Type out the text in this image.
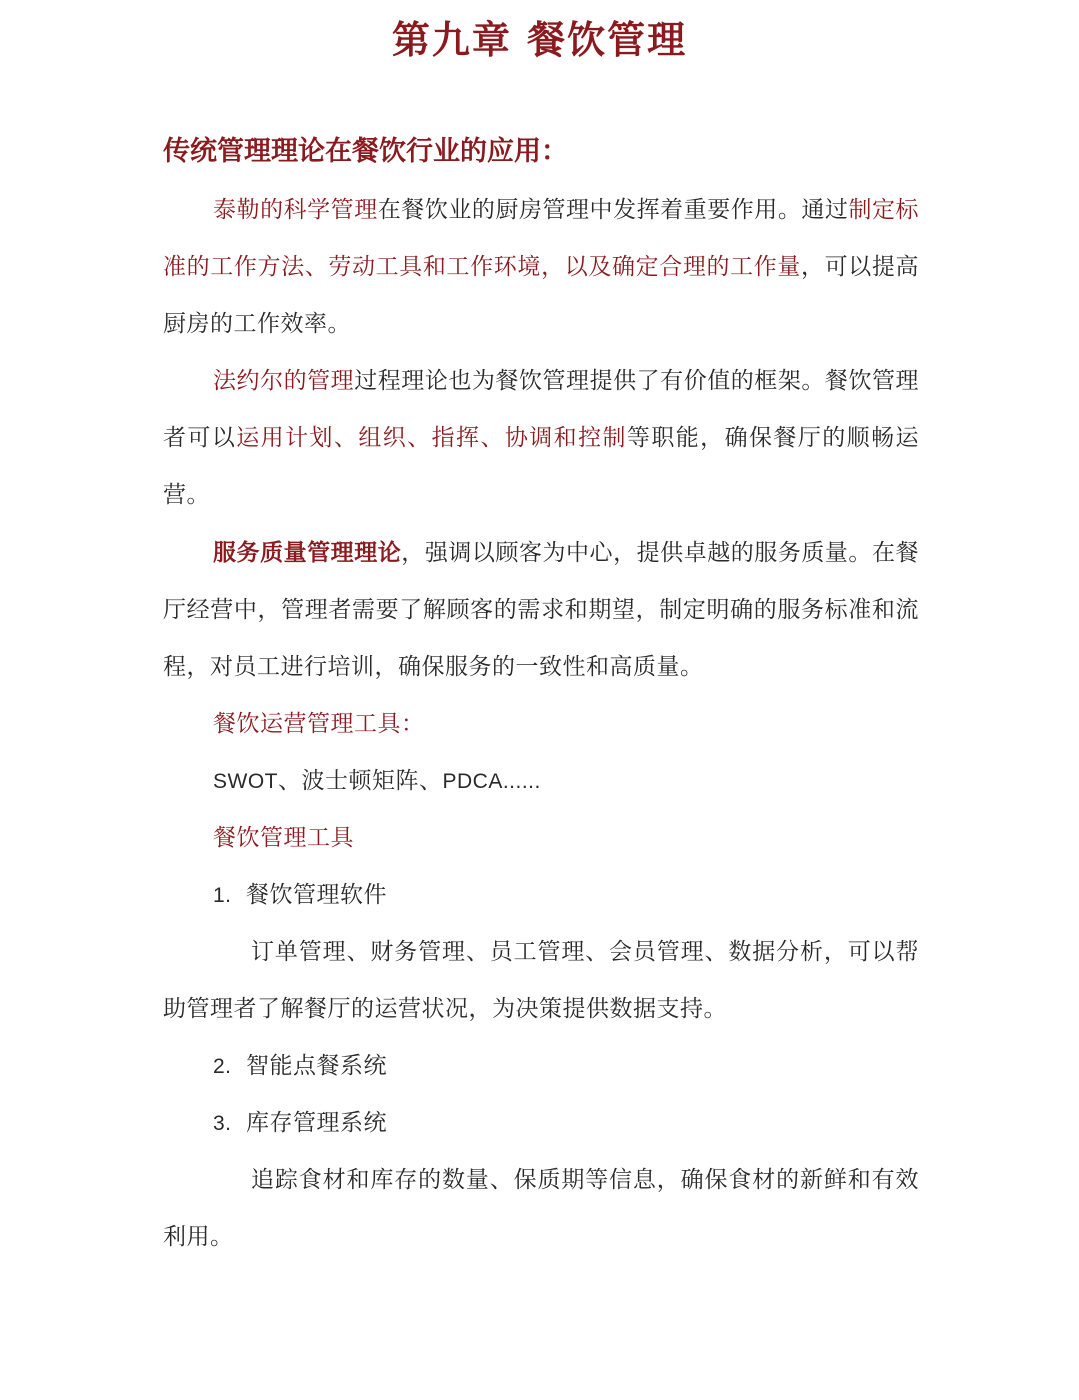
第九章 餐饮管理
传统管理理论在餐饮行业的应用：

泰勒的科学管理在餐饮业的厨房管理中发挥着重要作用。通过制定标准的工作方法、劳动工具和工作环境，以及确定合理的工作量，可以提高厨房的工作效率。

法约尔的管理过程理论也为餐饮管理提供了有价值的框架。餐饮管理者可以运用计划、组织、指挥、协调和控制等职能，确保餐厅的顺畅运营。

服务质量管理理论，强调以顾客为中心，提供卓越的服务质量。在餐厅经营中，管理者需要了解顾客的需求和期望，制定明确的服务标准和流程，对员工进行培训，确保服务的一致性和高质量。

餐饮运营管理工具：

SWOT、波士顿矩阵、PDCA......

餐饮管理工具

1. 餐饮管理软件

订单管理、财务管理、员工管理、会员管理、数据分析，可以帮助管理者了解餐厅的运营状况，为决策提供数据支持。

2. 智能点餐系统

3. 库存管理系统

追踪食材和库存的数量、保质期等信息，确保食材的新鲜和有效利用。
